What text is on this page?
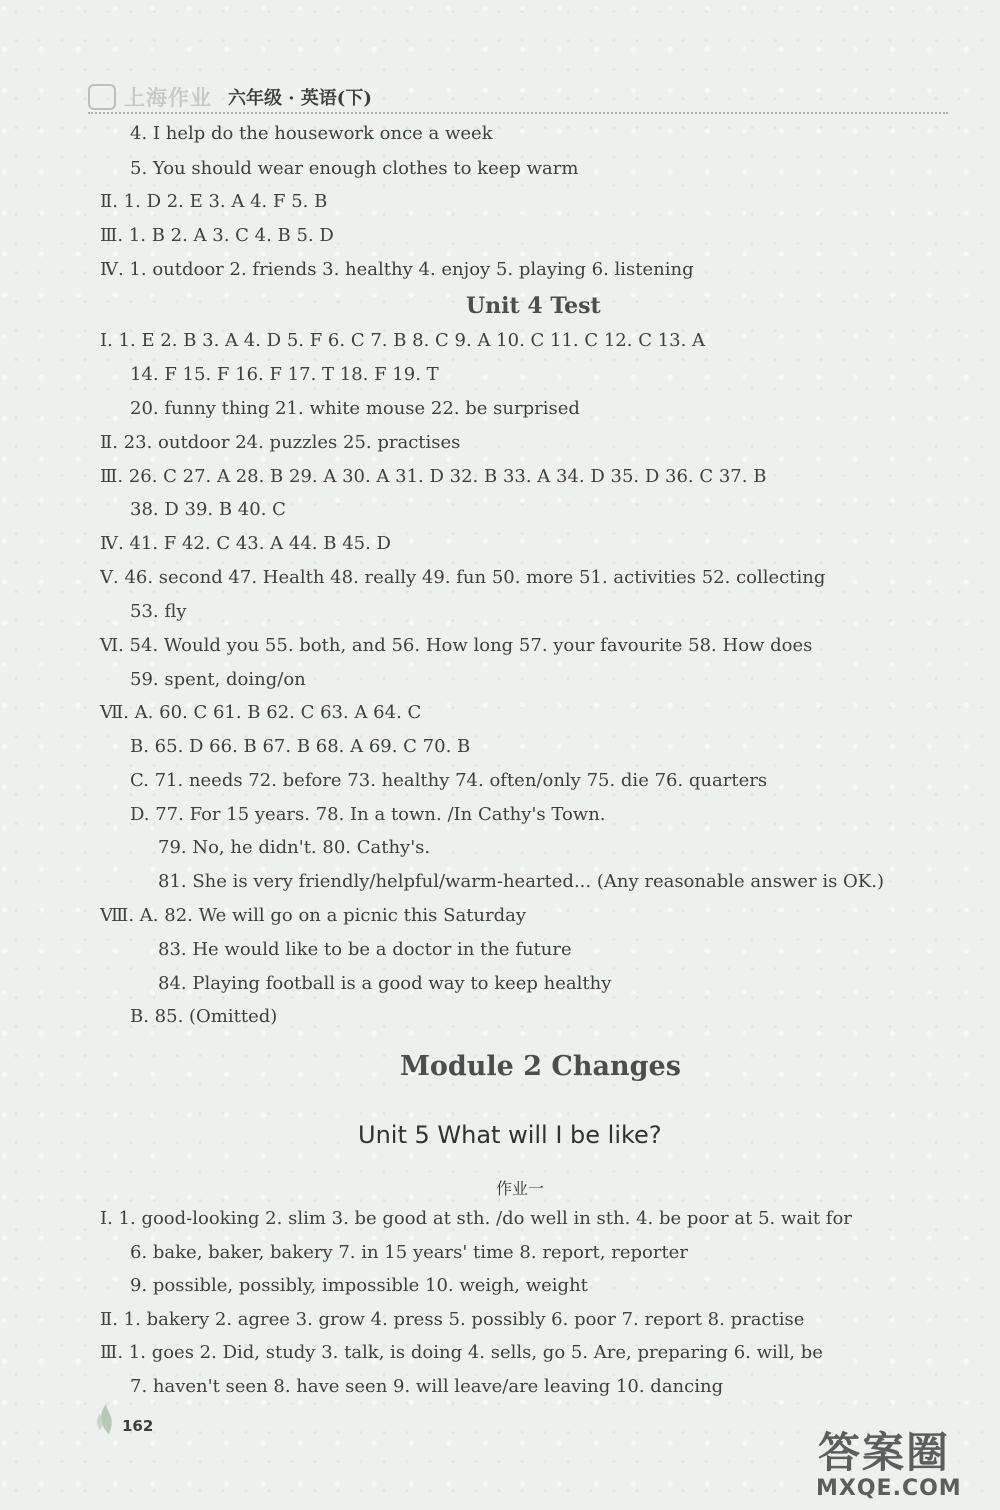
上海作业 六年级 · 英语(下)
4. I help do the housework once a week
5. You should wear enough clothes to keep warm
Ⅱ. 1. D 2. E 3. A 4. F 5. B
Ⅲ. 1. B 2. A 3. C 4. B 5. D
Ⅳ. 1. outdoor 2. friends 3. healthy 4. enjoy 5. playing 6. listening
Unit 4 Test
Ⅰ. 1. E 2. B 3. A 4. D 5. F 6. C 7. B 8. C 9. A 10. C 11. C 12. C 13. A
14. F 15. F 16. F 17. T 18. F 19. T
20. funny thing 21. white mouse 22. be surprised
Ⅱ. 23. outdoor 24. puzzles 25. practises
Ⅲ. 26. C 27. A 28. B 29. A 30. A 31. D 32. B 33. A 34. D 35. D 36. C 37. B
38. D 39. B 40. C
Ⅳ. 41. F 42. C 43. A 44. B 45. D
Ⅴ. 46. second 47. Health 48. really 49. fun 50. more 51. activities 52. collecting
53. fly
Ⅵ. 54. Would you 55. both, and 56. How long 57. your favourite 58. How does
59. spent, doing/on
Ⅶ. A. 60. C 61. B 62. C 63. A 64. C
B. 65. D 66. B 67. B 68. A 69. C 70. B
C. 71. needs 72. before 73. healthy 74. often/only 75. die 76. quarters
D. 77. For 15 years. 78. In a town. /In Cathy's Town.
79. No, he didn't. 80. Cathy's.
81. She is very friendly/helpful/warm-hearted... (Any reasonable answer is OK.)
Ⅷ. A. 82. We will go on a picnic this Saturday
83. He would like to be a doctor in the future
84. Playing football is a good way to keep healthy
B. 85. (Omitted)
Module 2 Changes
Unit 5 What will I be like?
作业一
Ⅰ. 1. good-looking 2. slim 3. be good at sth. /do well in sth. 4. be poor at 5. wait for
6. bake, baker, bakery 7. in 15 years' time 8. report, reporter
9. possible, possibly, impossible 10. weigh, weight
Ⅱ. 1. bakery 2. agree 3. grow 4. press 5. possibly 6. poor 7. report 8. practise
Ⅲ. 1. goes 2. Did, study 3. talk, is doing 4. sells, go 5. Are, preparing 6. will, be
7. haven't seen 8. have seen 9. will leave/are leaving 10. dancing
162
答案圈
MXQE.COM
